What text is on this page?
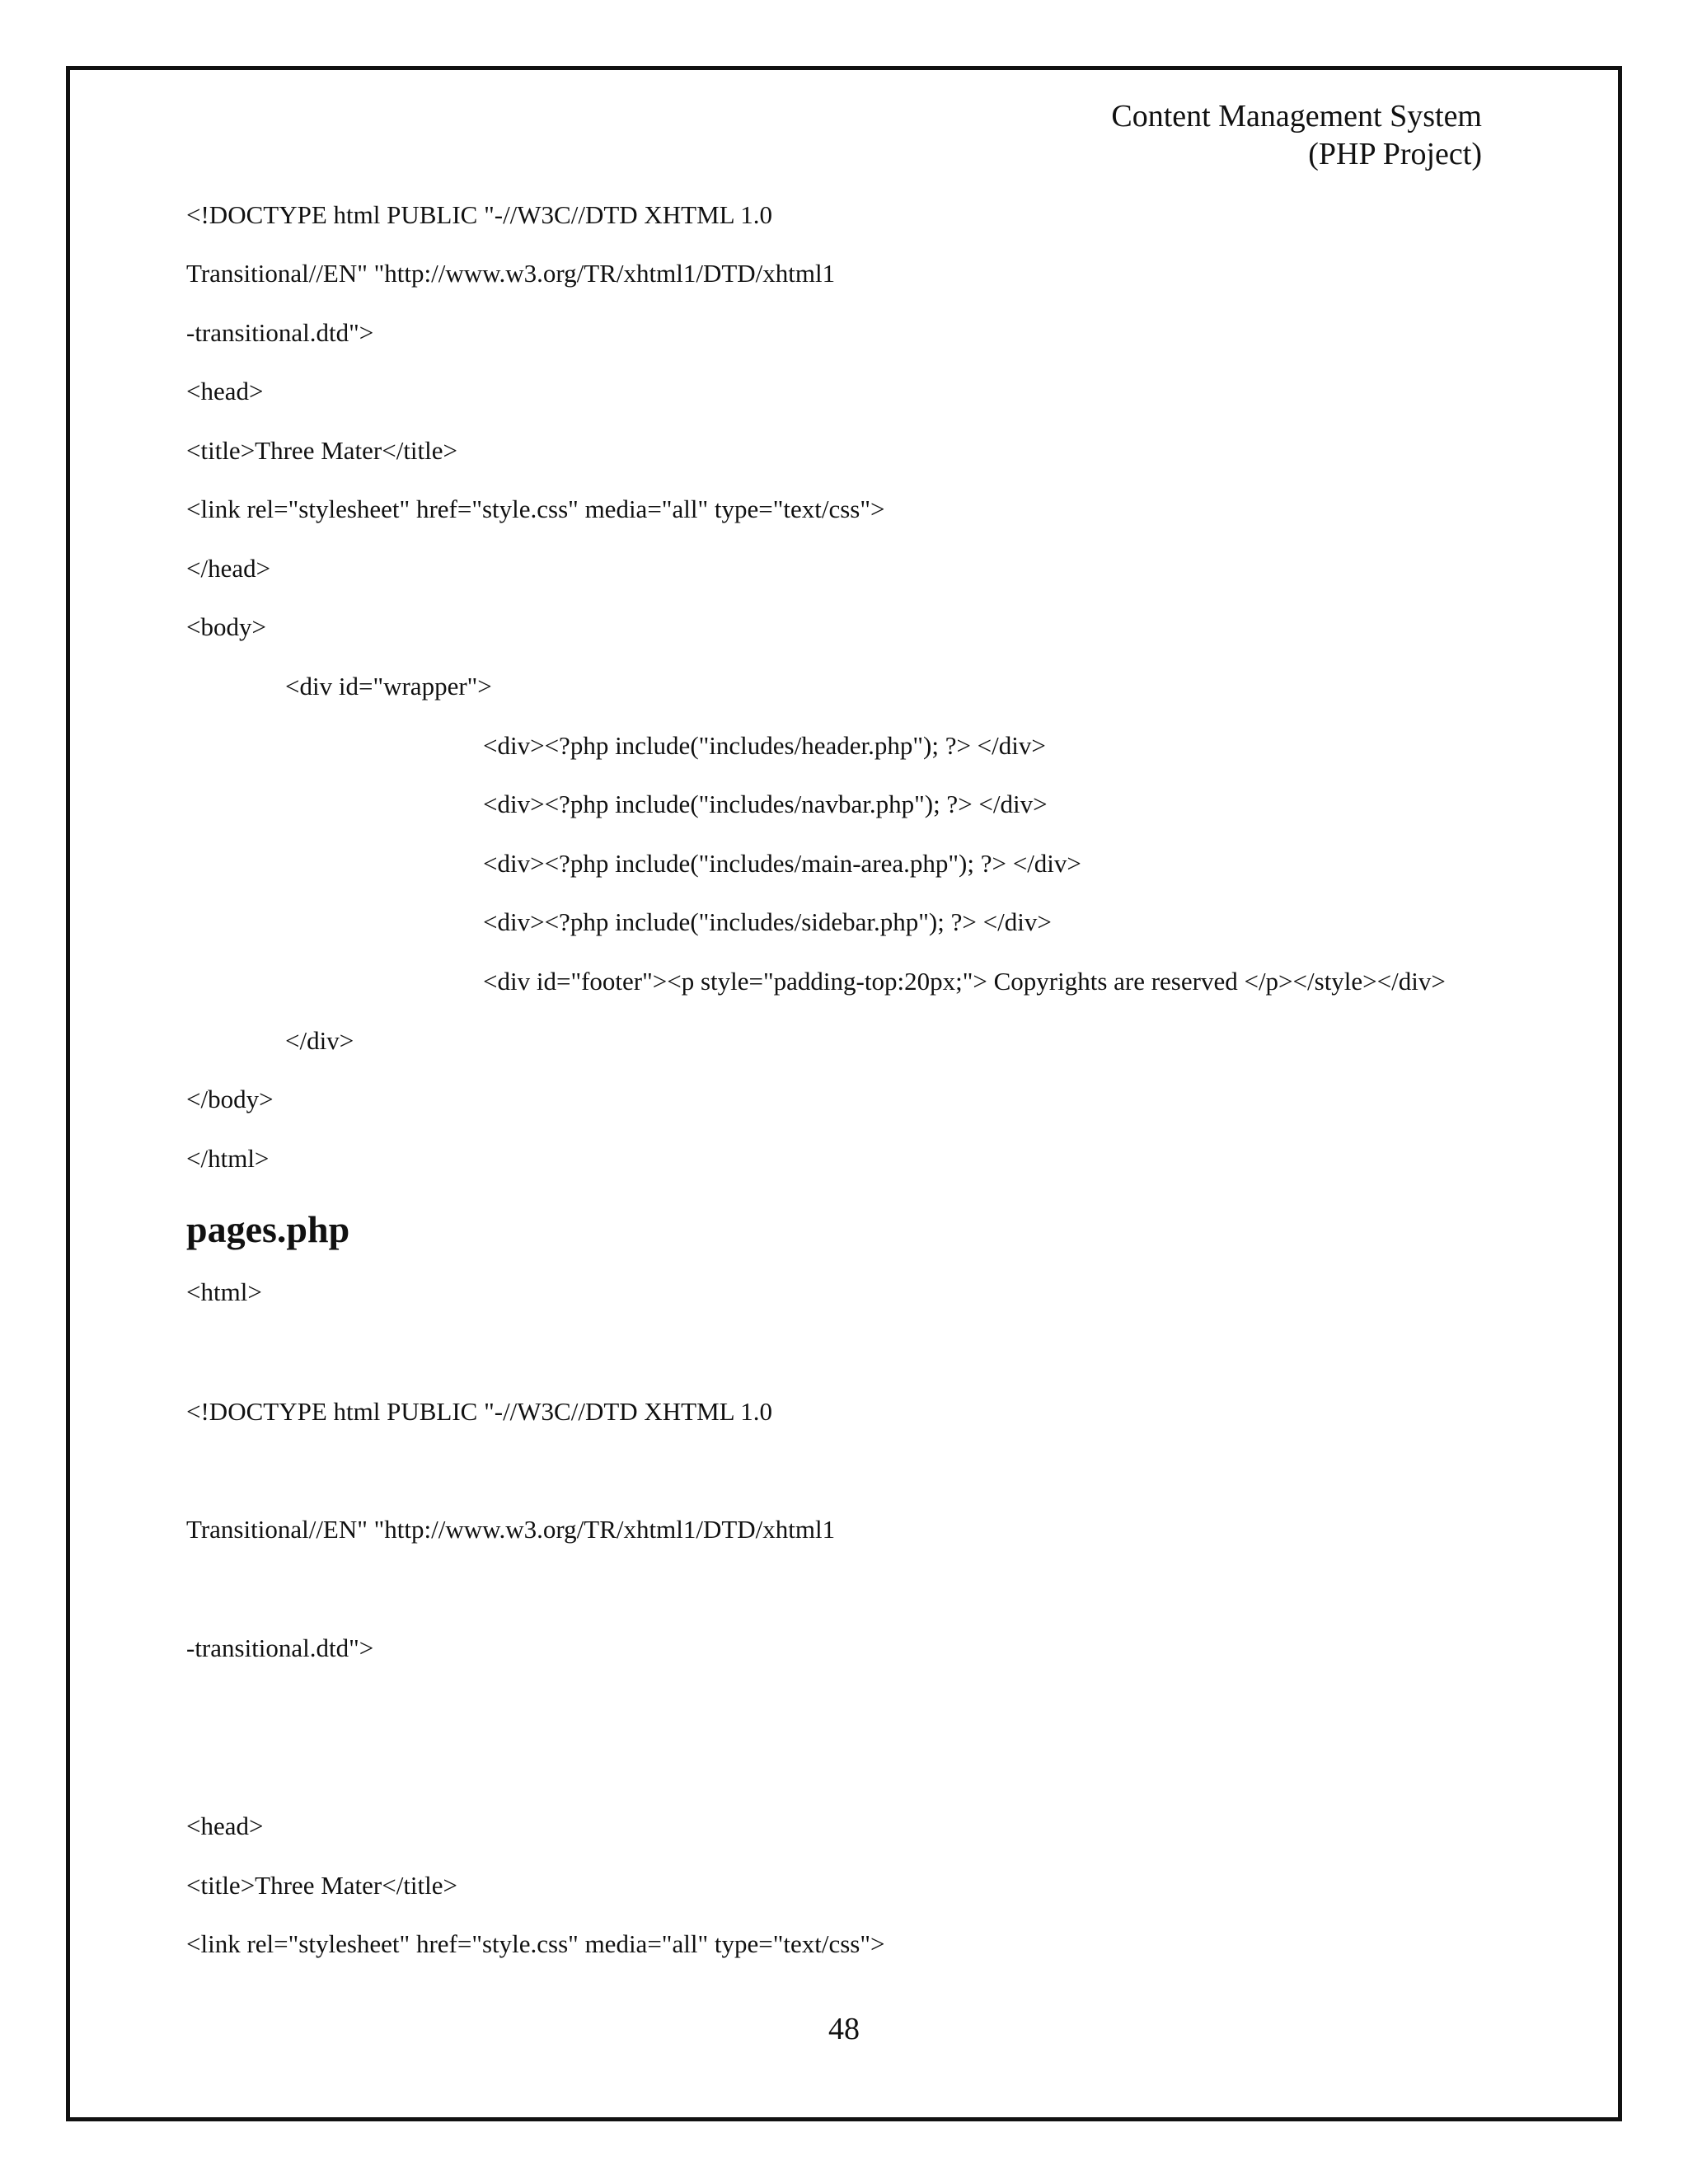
Content Management System
(PHP Project)
<!DOCTYPE html PUBLIC "-//W3C//DTD XHTML 1.0
Transitional//EN" "http://www.w3.org/TR/xhtml1/DTD/xhtml1
-transitional.dtd">
<head>
<title>Three Mater</title>
<link rel="stylesheet" href="style.css" media="all" type="text/css">
</head>
<body>
<div id="wrapper">
<div><?php include("includes/header.php"); ?> </div>
<div><?php include("includes/navbar.php"); ?> </div>
<div><?php include("includes/main-area.php"); ?> </div>
<div><?php include("includes/sidebar.php"); ?> </div>
<div id="footer"><p style="padding-top:20px;"> Copyrights are reserved </p></style></div>
</div>
</body>
</html>
pages.php
<html>
<!DOCTYPE html PUBLIC "-//W3C//DTD XHTML 1.0
Transitional//EN" "http://www.w3.org/TR/xhtml1/DTD/xhtml1
-transitional.dtd">
<head>
<title>Three Mater</title>
<link rel="stylesheet" href="style.css" media="all" type="text/css">
48
